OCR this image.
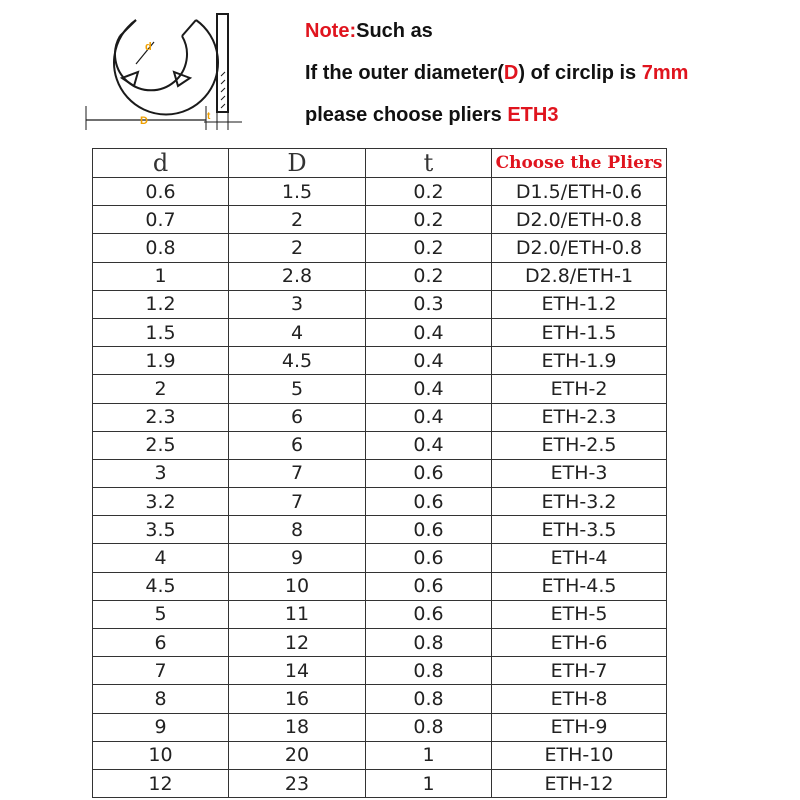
d
D	t
Note:Such as
If the outer diameter(D) of circlip is 7mm
please choose pliers ETH3
d	D	t	Choose the Pliers
0.6	1.5	0.2	D1.5/ETH-0.6
0.7	2	0.2	D2.0/ETH-0.8
0.8	2	0.2	D2.0/ETH-0.8
1	2.8	0.2	D2.8/ETH-1
1.2	3	0.3	ETH-1.2
1.5	4	0.4	ETH-1.5
1.9	4.5	0.4	ETH-1.9
2	5	0.4	ETH-2
2.3	6	0.4	ETH-2.3
2.5	6	0.4	ETH-2.5
3	7	0.6	ETH-3
3.2	7	0.6	ETH-3.2
3.5	8	0.6	ETH-3.5
4	9	0.6	ETH-4
4.5	10	0.6	ETH-4.5
5	11	0.6	ETH-5
6	12	0.8	ETH-6
7	14	0.8	ETH-7
8	16	0.8	ETH-8
9	18	0.8	ETH-9
10	20	1	ETH-10
12	23	1	ETH-12
